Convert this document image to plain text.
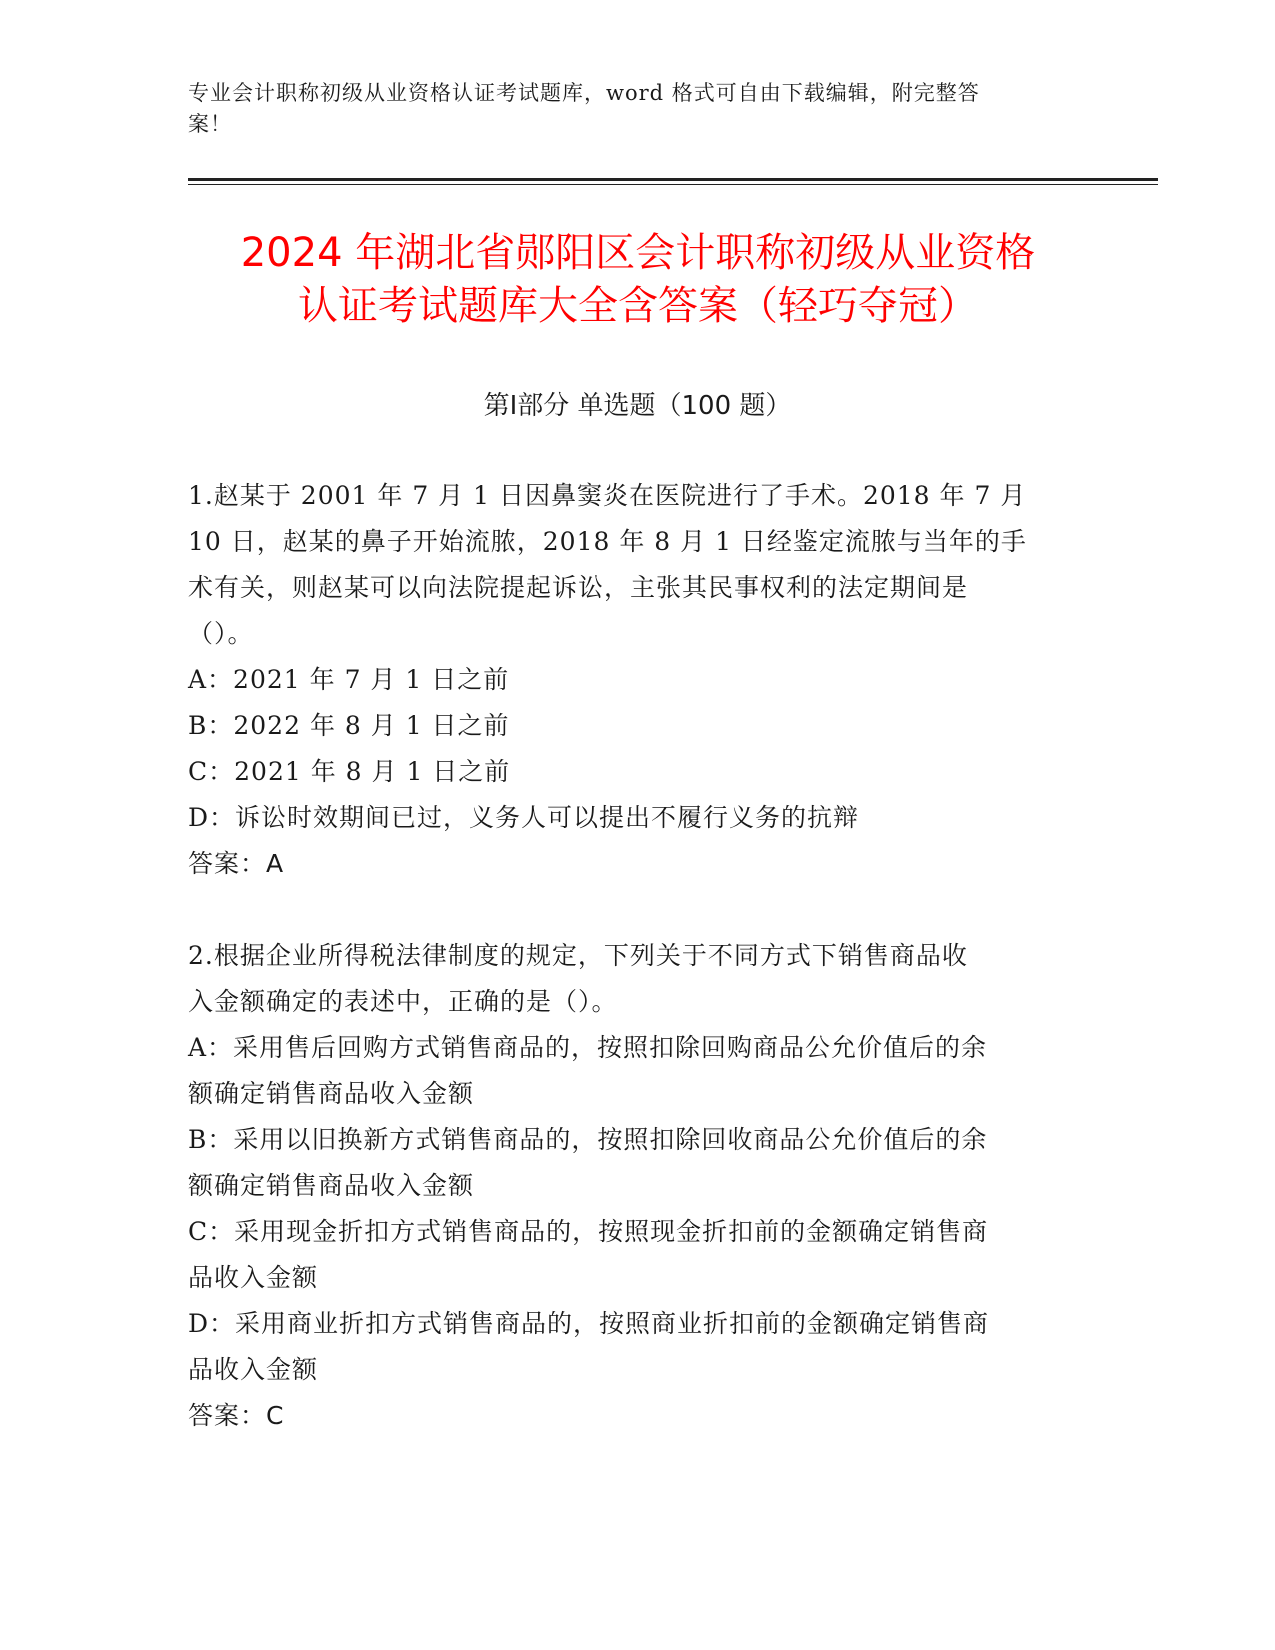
专业会计职称初级从业资格认证考试题库，word 格式可自由下载编辑，附完整答
案！
2024 年湖北省郧阳区会计职称初级从业资格
认证考试题库大全含答案（轻巧夺冠）
第Ⅰ部分 单选题（100 题）
1.赵某于 2001 年 7 月 1 日因鼻窦炎在医院进行了手术。2018 年 7 月
10 日，赵某的鼻子开始流脓，2018 年 8 月 1 日经鉴定流脓与当年的手
术有关，则赵某可以向法院提起诉讼，主张其民事权利的法定期间是
（）。
A：2021 年 7 月 1 日之前
B：2022 年 8 月 1 日之前
C：2021 年 8 月 1 日之前
D：诉讼时效期间已过，义务人可以提出不履行义务的抗辩
答案：A
2.根据企业所得税法律制度的规定，下列关于不同方式下销售商品收
入金额确定的表述中，正确的是（）。
A：采用售后回购方式销售商品的，按照扣除回购商品公允价值后的余
额确定销售商品收入金额
B：采用以旧换新方式销售商品的，按照扣除回收商品公允价值后的余
额确定销售商品收入金额
C：采用现金折扣方式销售商品的，按照现金折扣前的金额确定销售商
品收入金额
D：采用商业折扣方式销售商品的，按照商业折扣前的金额确定销售商
品收入金额
答案：C
